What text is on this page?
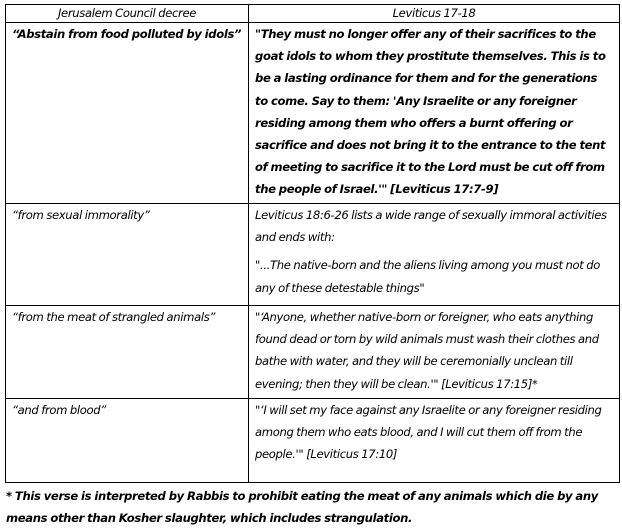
Jerusalem Council decree	Leviticus 17-18

“Abstain from food polluted by idols”	"They must no longer offer any of their sacrifices to the goat idols to whom they prostitute themselves. This is to be a lasting ordinance for them and for the generations to come. Say to them: 'Any Israelite or any foreigner residing among them who offers a burnt offering or sacrifice and does not bring it to the entrance to the tent of meeting to sacrifice it to the Lord must be cut off from the people of Israel.'" [Leviticus 17:7-9]

“from sexual immorality”	Leviticus 18:6-26 lists a wide range of sexually immoral activities and ends with:

"...The native-born and the aliens living among you must not do any of these detestable things"

“from the meat of strangled animals”	"‘Anyone, whether native-born or foreigner, who eats anything found dead or torn by wild animals must wash their clothes and bathe with water, and they will be ceremonially unclean till evening; then they will be clean.'" [Leviticus 17:15]*

“and from blood”	"‘I will set my face against any Israelite or any foreigner residing among them who eats blood, and I will cut them off from the people.'" [Leviticus 17:10]

* This verse is interpreted by Rabbis to prohibit eating the meat of any animals which die by any means other than Kosher slaughter, which includes strangulation.
